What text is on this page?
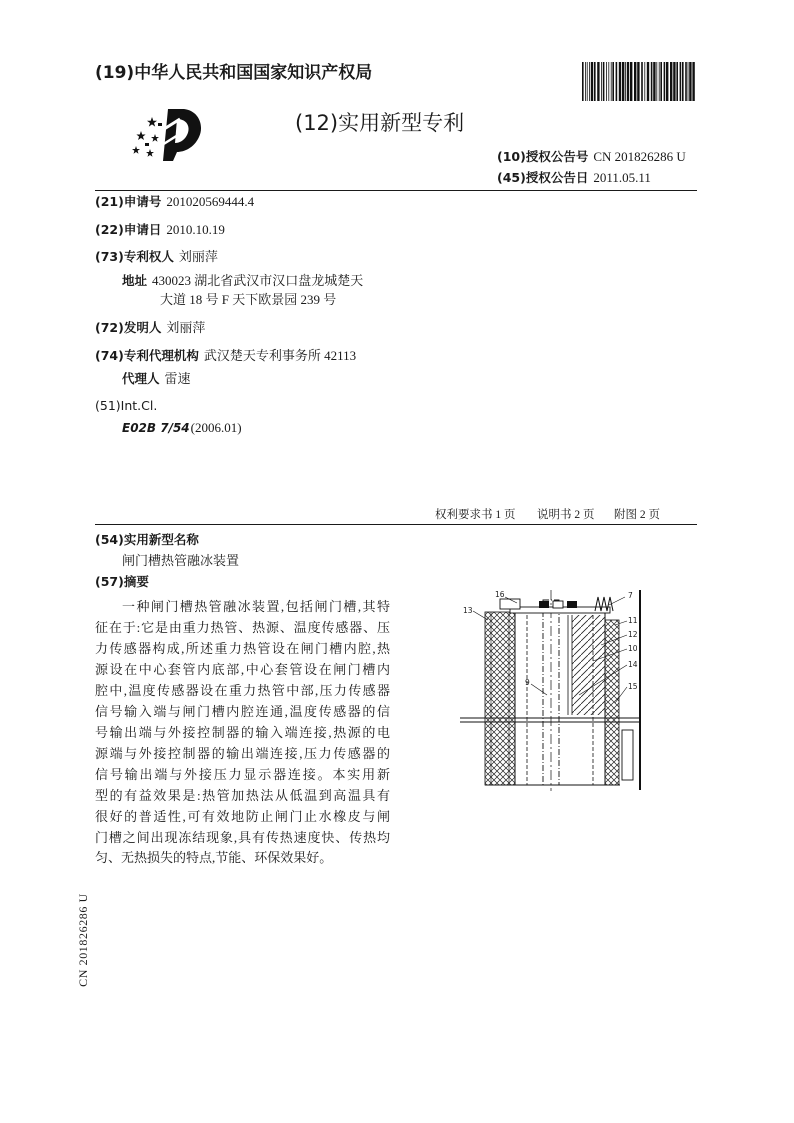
(19)中华人民共和国国家知识产权局
(12)实用新型专利
(10)授权公告号 CN 201826286 U
(45)授权公告日 2011.05.11
(21)申请号 201020569444.4
(22)申请日 2010.10.19
(73)专利权人 刘丽萍
地址 430023 湖北省武汉市汉口盘龙城楚天
大道 18 号 F 天下欧景园 239 号
(72)发明人 刘丽萍
(74)专利代理机构 武汉楚天专利事务所 42113
代理人 雷速
(51)Int.Cl.
E02B 7/54(2006.01)
权利要求书 1 页 说明书 2 页 附图 2 页
(54)实用新型名称
闸门槽热管融冰装置
(57)摘要
一种闸门槽热管融冰装置,包括闸门槽,其特
征在于:它是由重力热管、热源、温度传感器、压
力传感器构成,所述重力热管设在闸门槽内腔,热
源设在中心套管内底部,中心套管设在闸门槽内
腔中,温度传感器设在重力热管中部,压力传感器
信号输入端与闸门槽内腔连通,温度传感器的信
号输出端与外接控制器的输入端连接,热源的电
源端与外接控制器的输出端连接,压力传感器的
信号输出端与外接压力显示器连接。本实用新
型的有益效果是:热管加热法从低温到高温具有
很好的普适性,可有效地防止闸门止水橡皮与闸
门槽之间出现冻结现象,具有传热速度快、传热均
匀、无热损失的特点,节能、环保效果好。
13
16	7
11
12
10
14
15
9
CN 201826286 U
